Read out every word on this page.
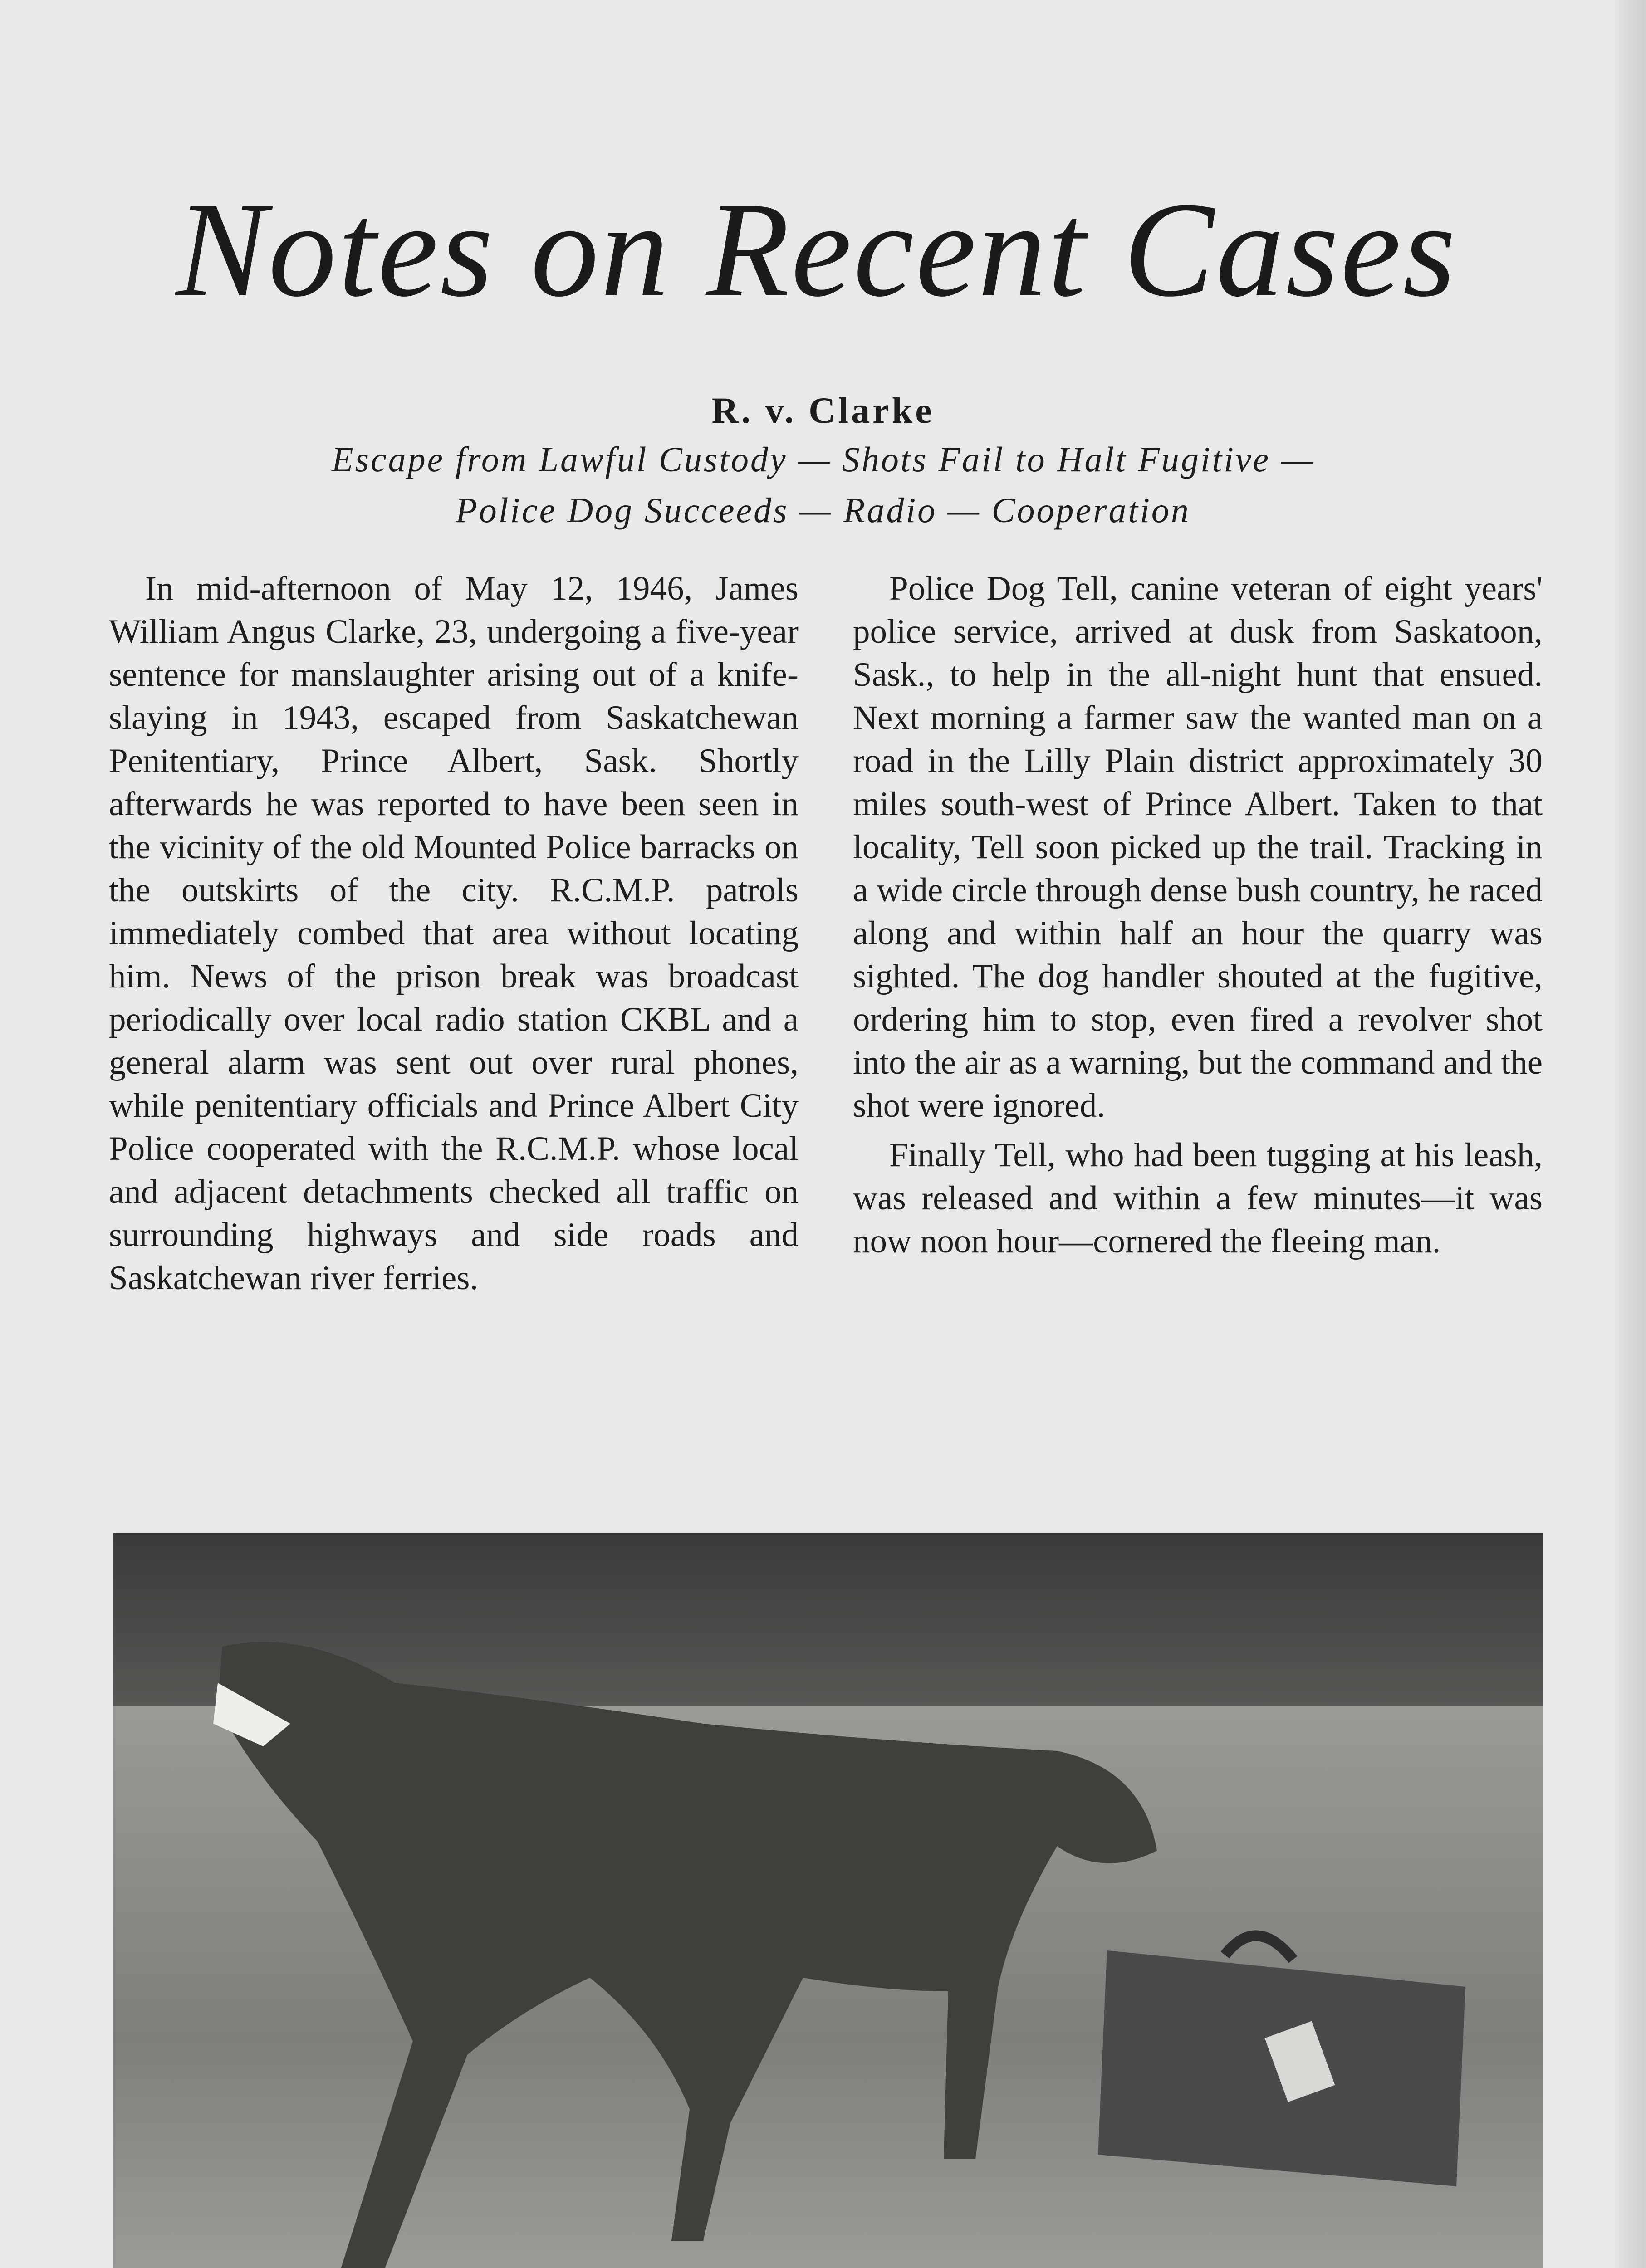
Notes on Recent Cases
R. v. Clarke
Escape from Lawful Custody — Shots Fail to Halt Fugitive —
Police Dog Succeeds — Radio — Cooperation

In mid-afternoon of May 12, 1946, James William Angus Clarke, 23, undergoing a five-year sentence for manslaughter arising out of a knife-slaying in 1943, escaped from Saskatchewan Penitentiary, Prince Albert, Sask. Shortly afterwards he was reported to have been seen in the vicinity of the old Mounted Police barracks on the outskirts of the city. R.C.M.P. patrols immediately combed that area without locating him. News of the prison break was broadcast periodically over local radio station CKBL and a general alarm was sent out over rural phones, while penitentiary officials and Prince Albert City Police cooperated with the R.C.M.P. whose local and adjacent detachments checked all traffic on surrounding highways and side roads and Saskatchewan river ferries.

Police Dog Tell, canine veteran of eight years' police service, arrived at dusk from Saskatoon, Sask., to help in the all-night hunt that ensued. Next morning a farmer saw the wanted man on a road in the Lilly Plain district approximately 30 miles south-west of Prince Albert. Taken to that locality, Tell soon picked up the trail. Tracking in a wide circle through dense bush country, he raced along and within half an hour the quarry was sighted. The dog handler shouted at the fugitive, ordering him to stop, even fired a revolver shot into the air as a warning, but the command and the shot were ignored.

Finally Tell, who had been tugging at his leash, was released and within a few minutes—it was now noon hour—cornered the fleeing man.
